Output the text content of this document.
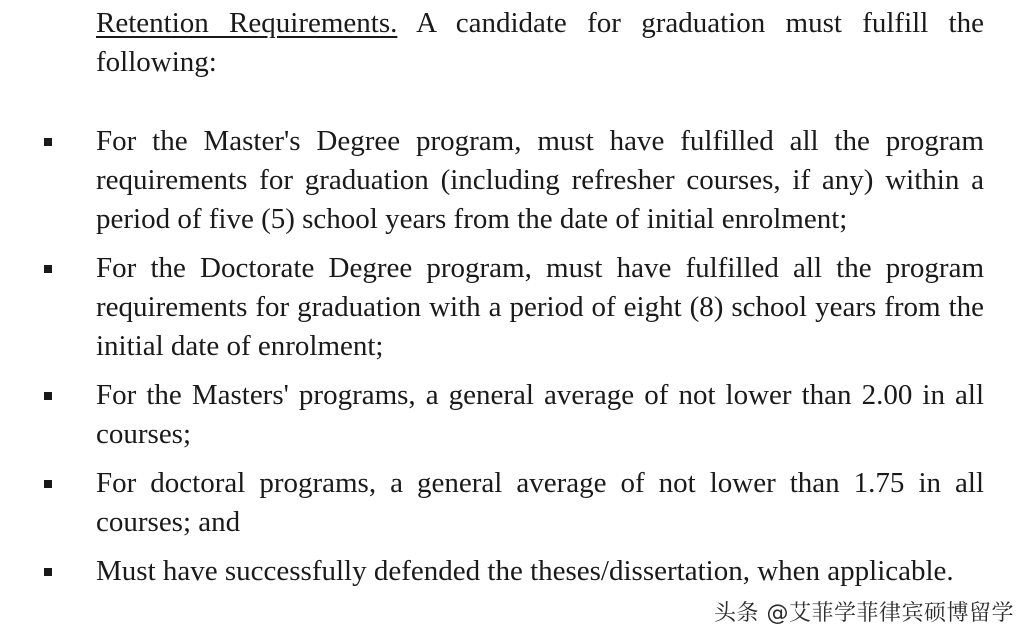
Retention Requirements. A candidate for graduation must fulfill the following:

For the Master's Degree program, must have fulfilled all the program requirements for graduation (including refresher courses, if any) within a period of five (5) school years from the date of initial enrolment;
For the Doctorate Degree program, must have fulfilled all the program requirements for graduation with a period of eight (8) school years from the initial date of enrolment;
For the Masters' programs, a general average of not lower than 2.00 in all courses;
For doctoral programs, a general average of not lower than 1.75 in all courses; and
Must have successfully defended the theses/dissertation, when applicable.
头条 @艾菲学菲律宾硕博留学
